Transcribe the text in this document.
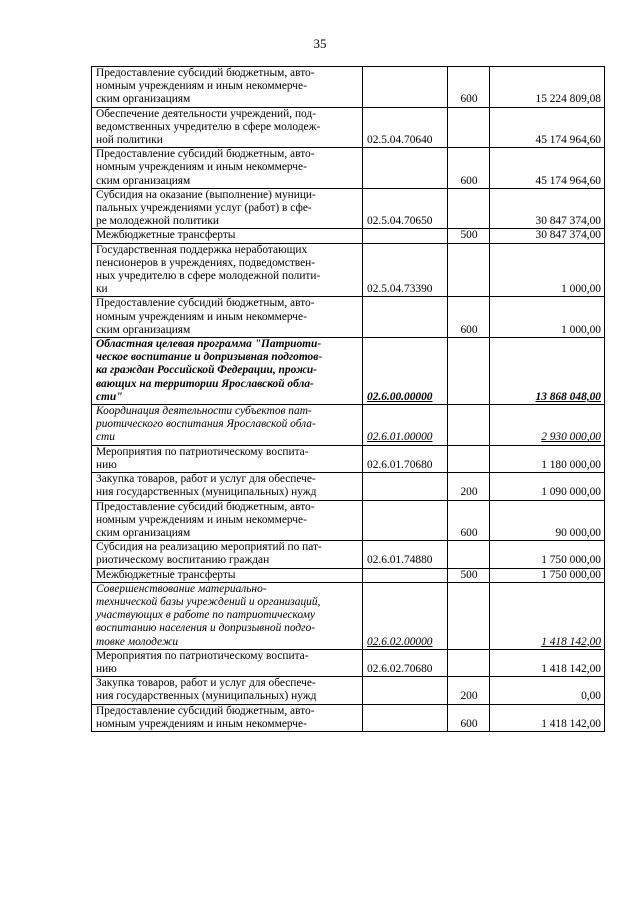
35
Предоставление субсидий бюджетным, авто-
номным учреждениям и иным некоммерче-
ским организациям		600	15 224 809,08
Обеспечение деятельности учреждений, под-
ведомственных учредителю в сфере молодеж-
ной политики	02.5.04.70640		45 174 964,60
Предоставление субсидий бюджетным, авто-
номным учреждениям и иным некоммерче-
ским организациям		600	45 174 964,60
Субсидия на оказание (выполнение) муници-
пальных учреждениями услуг (работ) в сфе-
ре молодежной политики	02.5.04.70650		30 847 374,00
Межбюджетные трансферты		500	30 847 374,00
Государственная поддержка неработающих
пенсионеров в учреждениях, подведомствен-
ных учредителю в сфере молодежной полити-
ки	02.5.04.73390		1 000,00
Предоставление субсидий бюджетным, авто-
номным учреждениям и иным некоммерче-
ским организациям		600	1 000,00
Областная целевая программа "Патриоти-
ческое воспитание и допризывная подготов-
ка граждан Российской Федерации, прожи-
вающих на территории Ярославской обла-
сти"	02.6.00.00000		13 868 048,00
Координация деятельности субъектов пат-
риотического воспитания Ярославской обла-
сти	02.6.01.00000		2 930 000,00
Мероприятия по патриотическому воспита-
нию	02.6.01.70680		1 180 000,00
Закупка товаров, работ и услуг для обеспече-
ния государственных (муниципальных) нужд		200	1 090 000,00
Предоставление субсидий бюджетным, авто-
номным учреждениям и иным некоммерче-
ским организациям		600	90 000,00
Субсидия на реализацию мероприятий по пат-
риотическому воспитанию граждан	02.6.01.74880		1 750 000,00
Межбюджетные трансферты		500	1 750 000,00
Совершенствование материально-
технической базы учреждений и организаций,
участвующих в работе по патриотическому
воспитанию населения и допризывной подго-
товке молодежи	02.6.02.00000		1 418 142,00
Мероприятия по патриотическому воспита-
нию	02.6.02.70680		1 418 142,00
Закупка товаров, работ и услуг для обеспече-
ния государственных (муниципальных) нужд		200	0,00
Предоставление субсидий бюджетным, авто-
номным учреждениям и иным некоммерче-		600	1 418 142,00
